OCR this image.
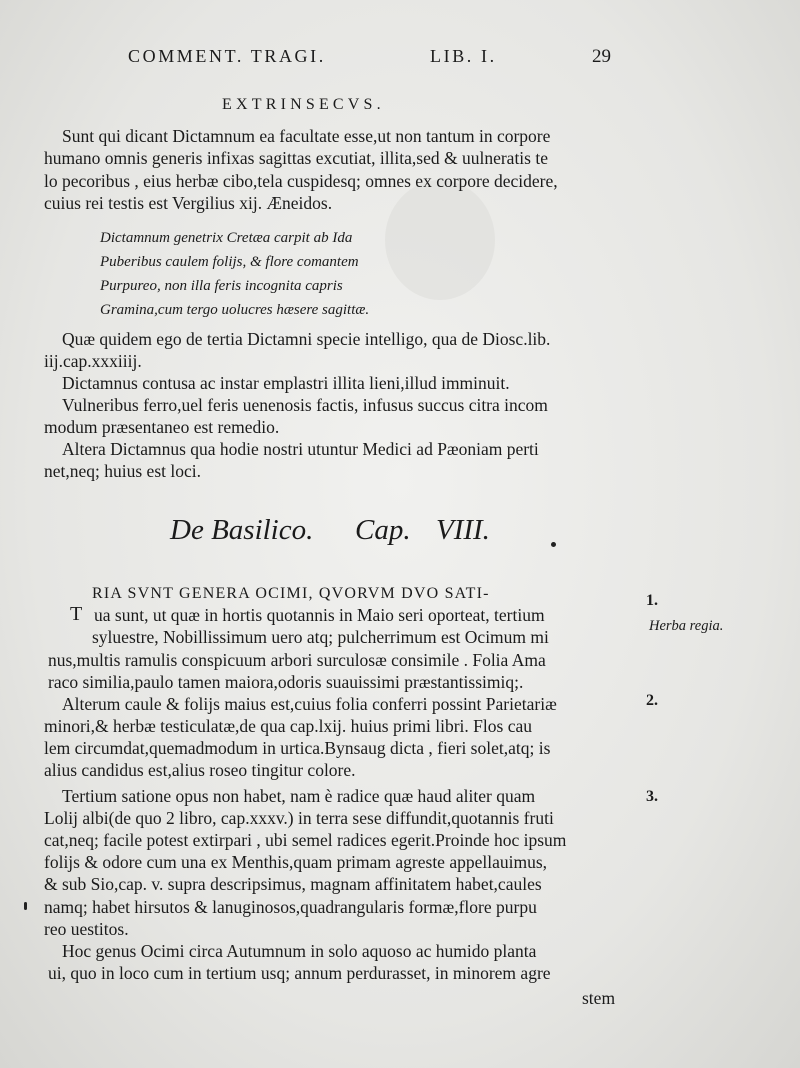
COMMENT. TRAGI.	LIB. I.	29
EXTRINSECVS.
Sunt qui dicant Dictamnum ea facultate esse,ut non tantum in corpore
humano omnis generis infixas sagittas excutiat, illita,sed & uulneratis te
lo pecoribus , eius herbæ cibo,tela cuspidesq; omnes ex corpore decidere,
cuius rei testis est Vergilius xij. Æneidos.
Dictamnum genetrix Cretæa carpit ab Ida
Puberibus caulem folijs, & flore comantem
Purpureo, non illa feris incognita capris
Gramina,cum tergo uolucres hæsere sagittæ.
Quæ quidem ego de tertia Dictamni specie intelligo, qua de Diosc.lib.
iij.cap.xxxiiij.
Dictamnus contusa ac instar emplastri illita lieni,illud imminuit.
Vulneribus ferro,uel feris uenenosis factis, infusus succus citra incom
modum præsentaneo est remedio.
Altera Dictamnus qua hodie nostri utuntur Medici ad Pæoniam perti
net,neq; huius est loci.
De Basilico. Cap. VIII.
T
RIA SVNT GENERA OCIMI, QVORVM DVO SATI-
ua sunt, ut quæ in hortis quotannis in Maio seri oporteat, tertium
syluestre, Nobillissimum uero atq; pulcherrimum est Ocimum mi
nus,multis ramulis conspicuum arbori surculosæ consimile . Folia Ama
raco similia,paulo tamen maiora,odoris suauissimi præstantissimiq;.
Alterum caule & folijs maius est,cuius folia conferri possint Parietariæ
minori,& herbæ testiculatæ,de qua cap.lxij. huius primi libri. Flos cau
lem circumdat,quemadmodum in urtica.Bynsaug dicta , fieri solet,atq; is
alius candidus est,alius roseo tingitur colore.
Tertium satione opus non habet, nam è radice quæ haud aliter quam
Lolij albi(de quo 2 libro, cap.xxxv.) in terra sese diffundit,quotannis fruti
cat,neq; facile potest extirpari , ubi semel radices egerit.Proinde hoc ipsum
folijs & odore cum una ex Menthis,quam primam agreste appellauimus,
& sub Sio,cap. v. supra descripsimus, magnam affinitatem habet,caules
namq; habet hirsutos & lanuginosos,quadrangularis formæ,flore purpu
reo uestitos.
Hoc genus Ocimi circa Autumnum in solo aquoso ac humido planta
ui, quo in loco cum in tertium usq; annum perdurasset, in minorem agre
stem
1.
Herba regia.
2.
3.
